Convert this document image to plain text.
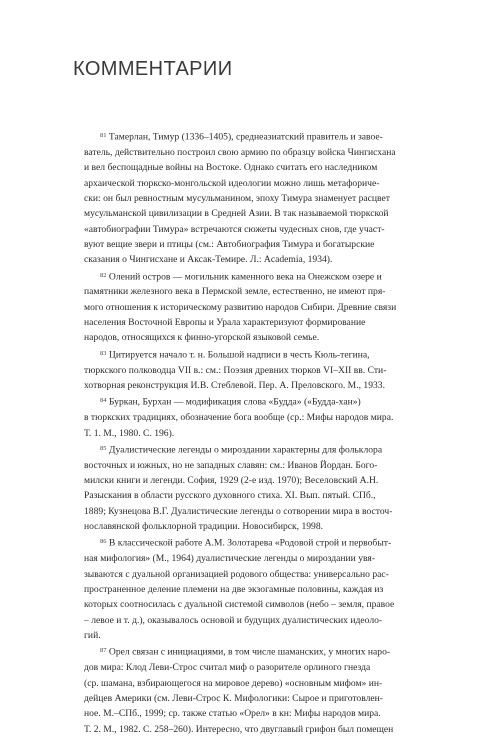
КОММЕНТАРИИ

$^{81}$ Тамерлан, Тимур (1336–1405), среднеазиатский правитель и завое-

ватель, действительно построил свою армию по образцу войска Чингисхана
и вел беспощадные войны на Востоке. Однако считать его наследником
архаической тюркско-монгольской идеологии можно лишь метафориче-
ски: он был ревностным мусульманином, эпоху Тимура знаменует расцвет
мусульманской цивилизации в Средней Азии. В так называемой тюркской
«автобиографии Тимура» встречаются сюжеты чудесных снов, где участ-
вуют вещие звери и птицы (см.: Автобиография Тимура и богатырские
сказания о Чингисхане и Аксак-Темире. Л.: Academia, 1934).

$^{82}$ Олений остров — могильник каменного века на Онежском озере и

памятники железного века в Пермской земле, естественно, не имеют пря-
мого отношения к историческому развитию народов Сибири. Древние связи
населения Восточной Европы и Урала характеризуют формирование
народов, относящихся к финно-угорской языковой семье.

$^{83}$ Цитируется начало т. н. Большой надписи в честь Кюль-тегина,

тюркского полководца VII в.: см.: Поэзия древних тюрков VI–XII вв. Сти-
хотворная реконструкция И.В. Стеблевой. Пер. А. Преловского. М., 1933.

$^{84}$ Буркан, Бурхан — модификация слова «Будда» («Будда-хан»)

в тюркских традициях, обозначение бога вообще (ср.: Мифы народов мира.
Т. 1. М., 1980. С. 196).

$^{85}$ Дуалистические легенды о мироздании характерны для фольклора

восточных и южных, но не западных славян: см.: Иванов Йордан. Бого-
милски книги и легенди. София, 1929 (2-е изд. 1970); Веселовский А.Н.
Разыскания в области русского духовного стиха. XI. Вып. пятый. СПб.,
1889; Кузнецова В.Г. Дуалистические легенды о сотворении мира в восточ-
нославянской фольклорной традиции. Новосибирск, 1998.

$^{86}$ В классической работе А.М. Золотарева «Родовой строй и первобыт-

ная мифология» (М., 1964) дуалистические легенды о мироздании увя-
зываются с дуальной организацией родового общества: универсально рас-
пространенное деление племени на две экзогамные половины, каждая из
которых соотносилась с дуальной системой символов (небо – земля, правое
– левое и т. д.), оказывалось основой и будущих дуалистических идеоло-
гий.

$^{87}$ Орел связан с инициациями, в том числе шаманских, у многих наро-

дов мира: Клод Леви-Строс считал миф о разорителе орлиного гнезда
(ср. шамана, взбирающегося на мировое дерево) «основным мифом» ин-
дейцев Америки (см. Леви-Строс К. Мифологики: Сырое и приготовлен-
ное. М.–СПб., 1999; ср. также статью «Орел» в кн: Мифы народов мира.
Т. 2. М., 1982. С. 258–260). Интересно, что двуглавый грифон был помещен
